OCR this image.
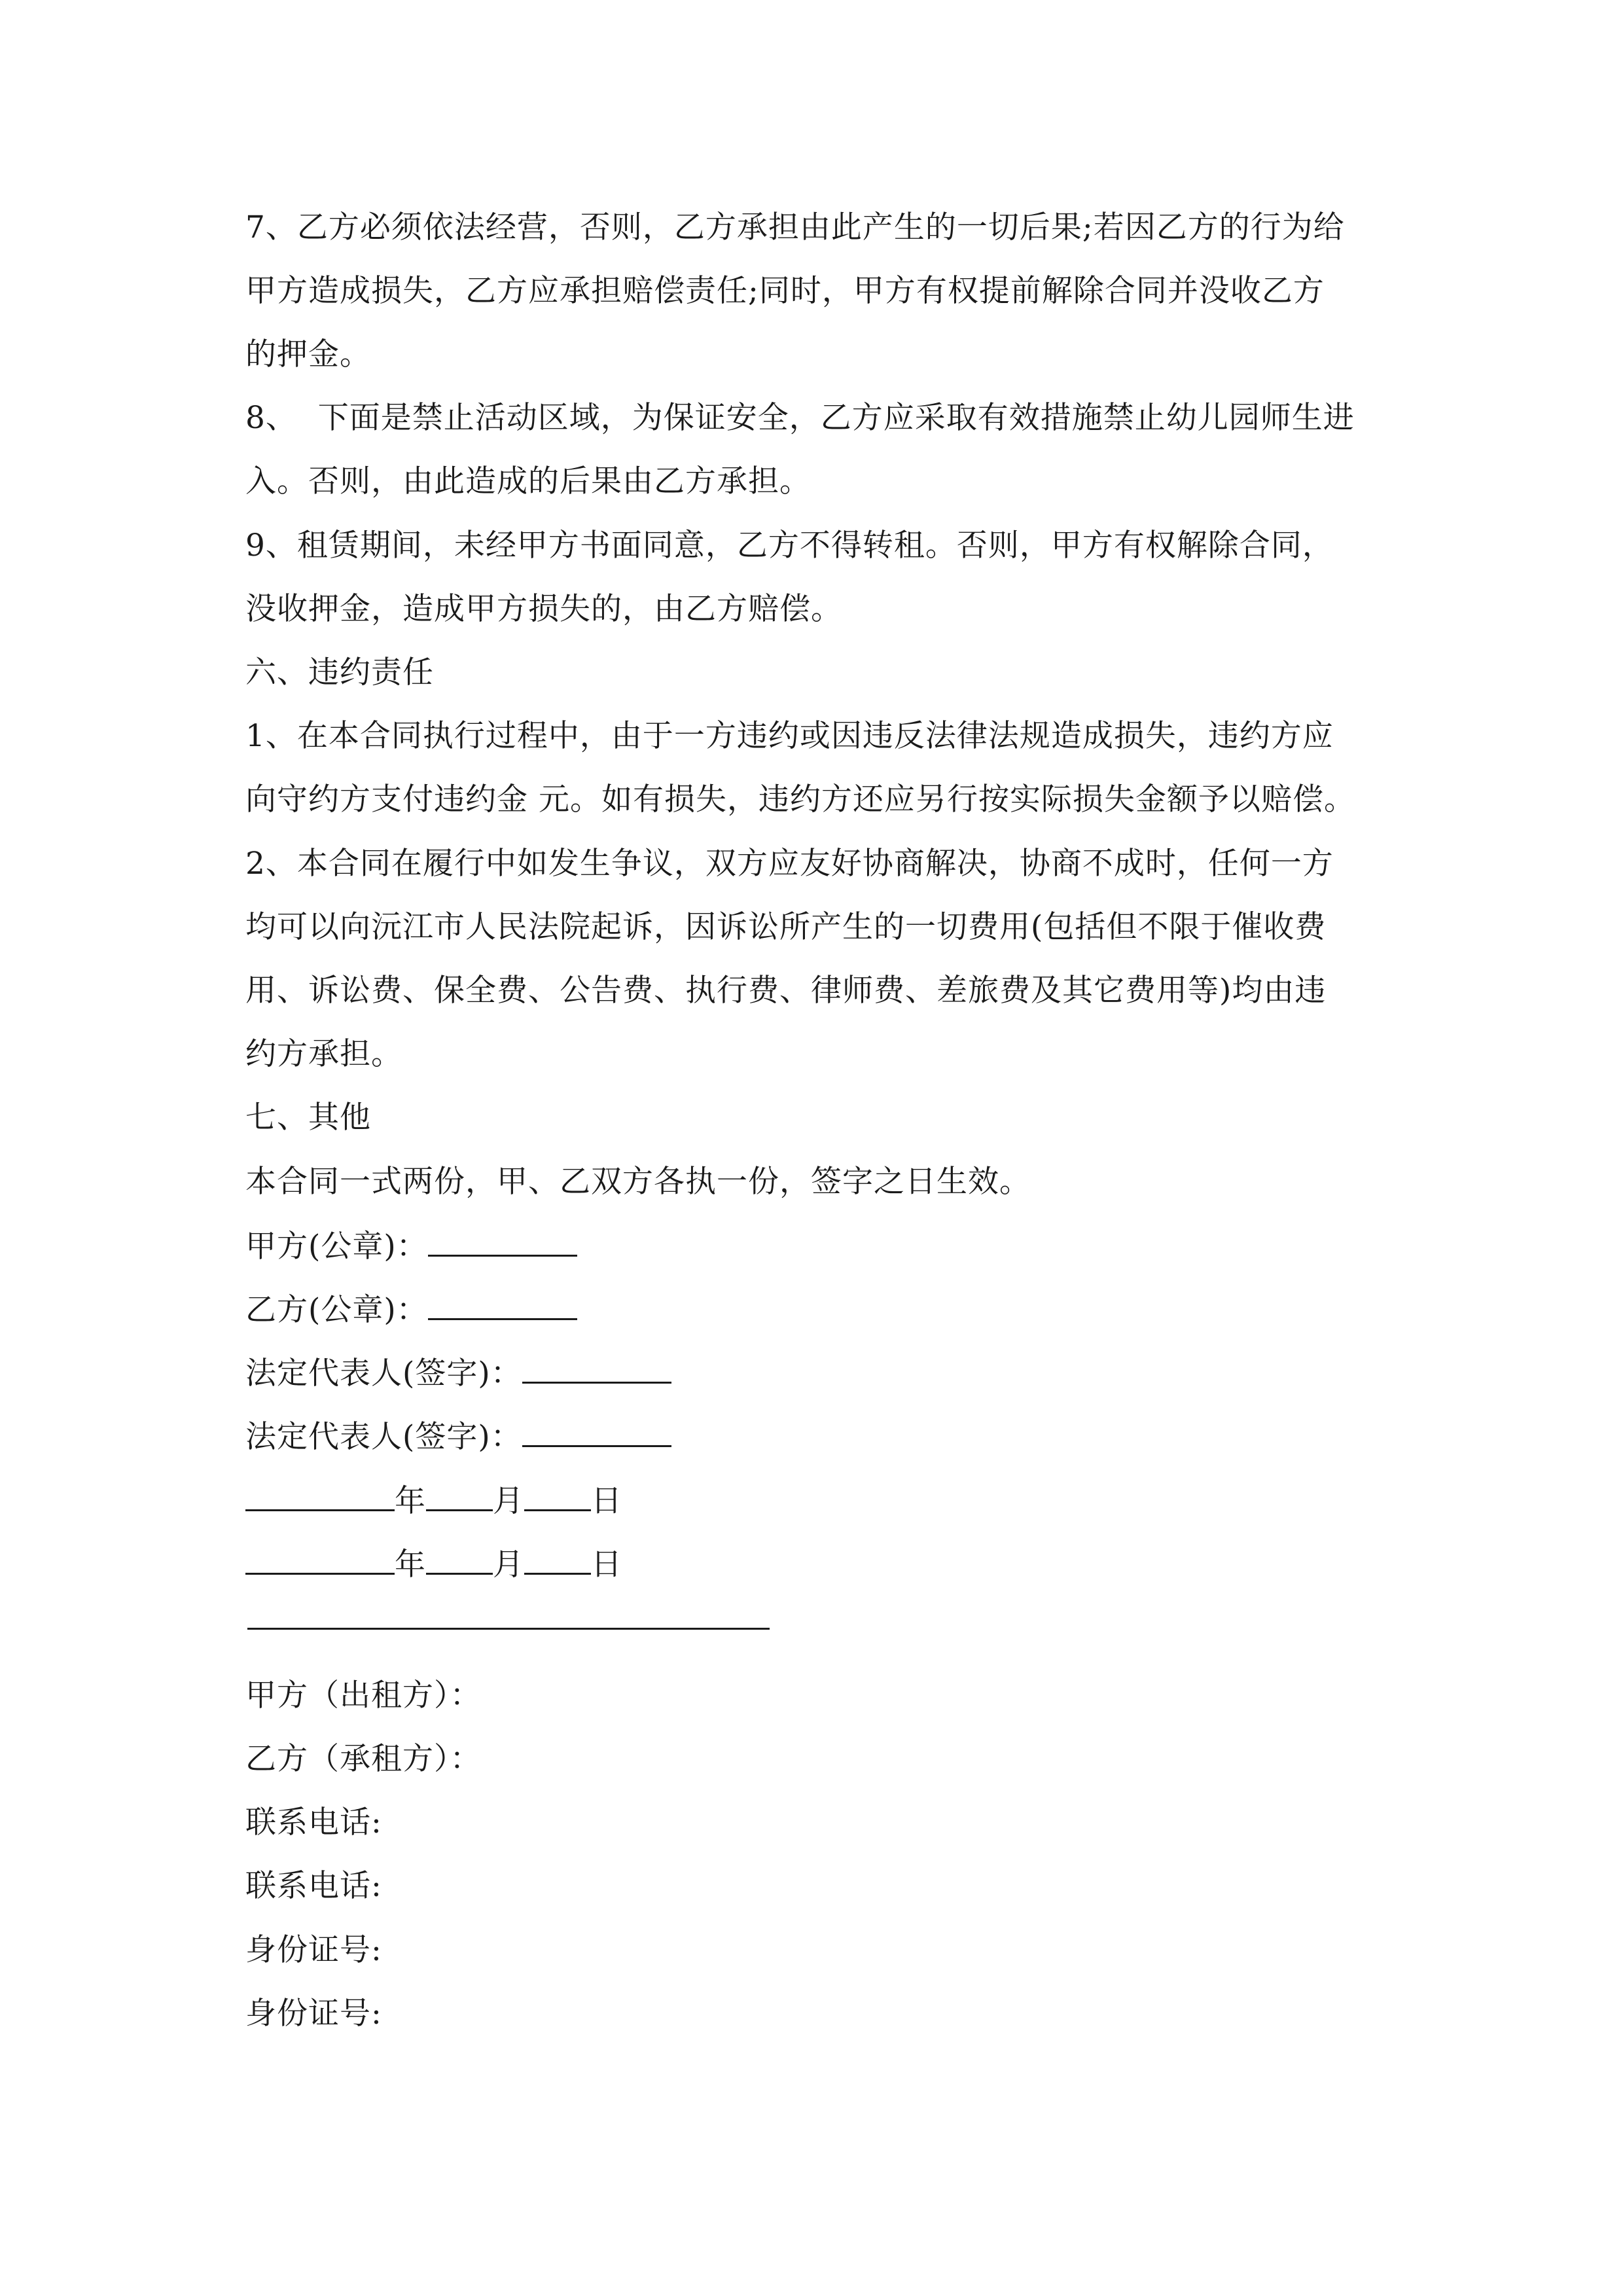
7、乙方必须依法经营，否则，乙方承担由此产生的一切后果;若因乙方的行为给
甲方造成损失，乙方应承担赔偿责任;同时，甲方有权提前解除合同并没收乙方
的押金。
8、  下面是禁止活动区域，为保证安全，乙方应采取有效措施禁止幼儿园师生进
入。否则，由此造成的后果由乙方承担。
9、租赁期间，未经甲方书面同意，乙方不得转租。否则，甲方有权解除合同，
没收押金，造成甲方损失的，由乙方赔偿。
六、违约责任
1、在本合同执行过程中，由于一方违约或因违反法律法规造成损失，违约方应
向守约方支付违约金 元。如有损失，违约方还应另行按实际损失金额予以赔偿。
2、本合同在履行中如发生争议，双方应友好协商解决，协商不成时，任何一方
均可以向沅江市人民法院起诉，因诉讼所产生的一切费用(包括但不限于催收费
用、诉讼费、保全费、公告费、执行费、律师费、差旅费及其它费用等)均由违
约方承担。
七、其他
本合同一式两份，甲、乙双方各执一份，签字之日生效。
甲方(公章)：
乙方(公章)：
法定代表人(签字)：
法定代表人(签字)：
年 月 日
年 月 日
甲方（出租方）：
乙方（承租方）：
联系电话:
联系电话:
身份证号:
身份证号:
